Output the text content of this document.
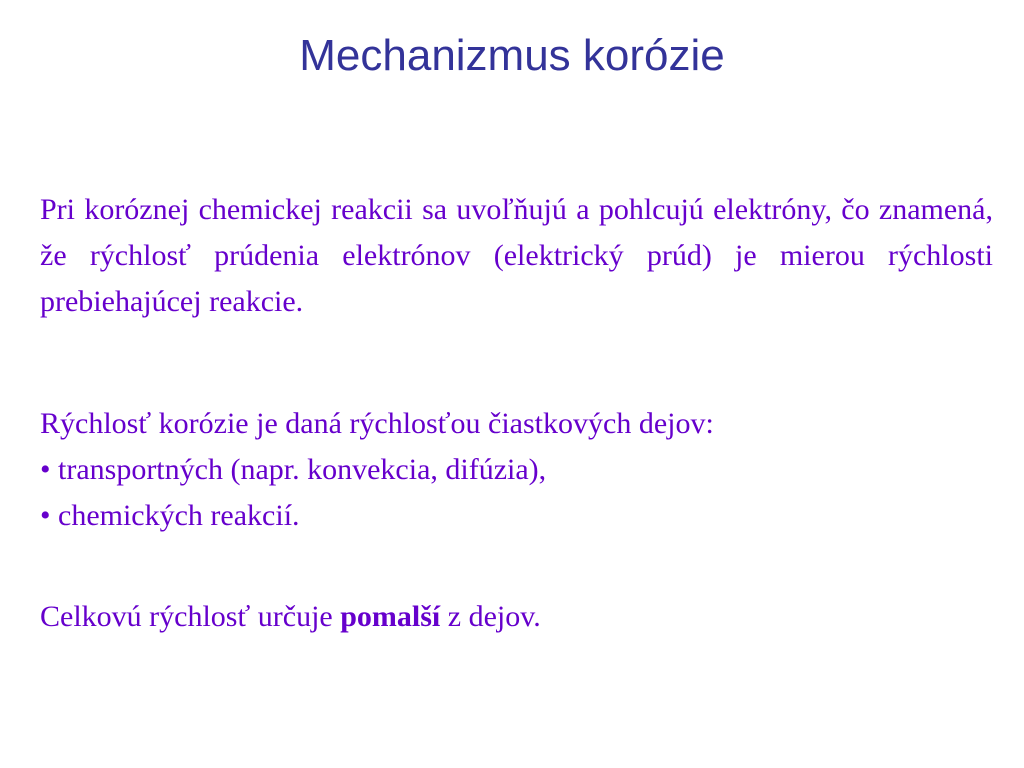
Mechanizmus korózie

Pri koróznej chemickej reakcii sa uvoľňujú a pohlcujú elektróny, čo znamená, že rýchlosť prúdenia elektrónov (elektrický prúd) je mierou rýchlosti prebiehajúcej reakcie.

Rýchlosť korózie je daná rýchlosťou čiastkových dejov:
• transportných (napr. konvekcia, difúzia),
• chemických reakcií.

Celkovú rýchlosť určuje pomalší z dejov.
